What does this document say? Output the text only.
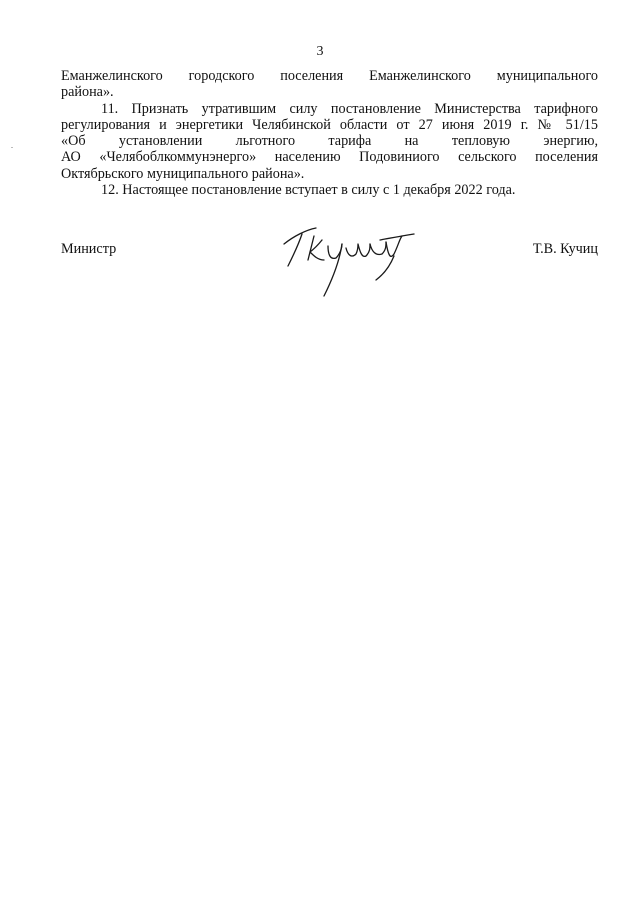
3
Еманжелинского городского поселения Еманжелинского муниципального
района».
11. Признать утратившим силу постановление Министерства тарифного
регулирования и энергетики Челябинской области от 27 июня 2019 г. № 51/15
«Об установлении льготного тарифа на тепловую энергию,
АО «Челябоблкоммунэнерго» населению Подовиниого сельского поселения
Октябрьского муниципального района».
12. Настоящее постановление вступает в силу с 1 декабря 2022 года.
Министр	Т.В. Кучиц
